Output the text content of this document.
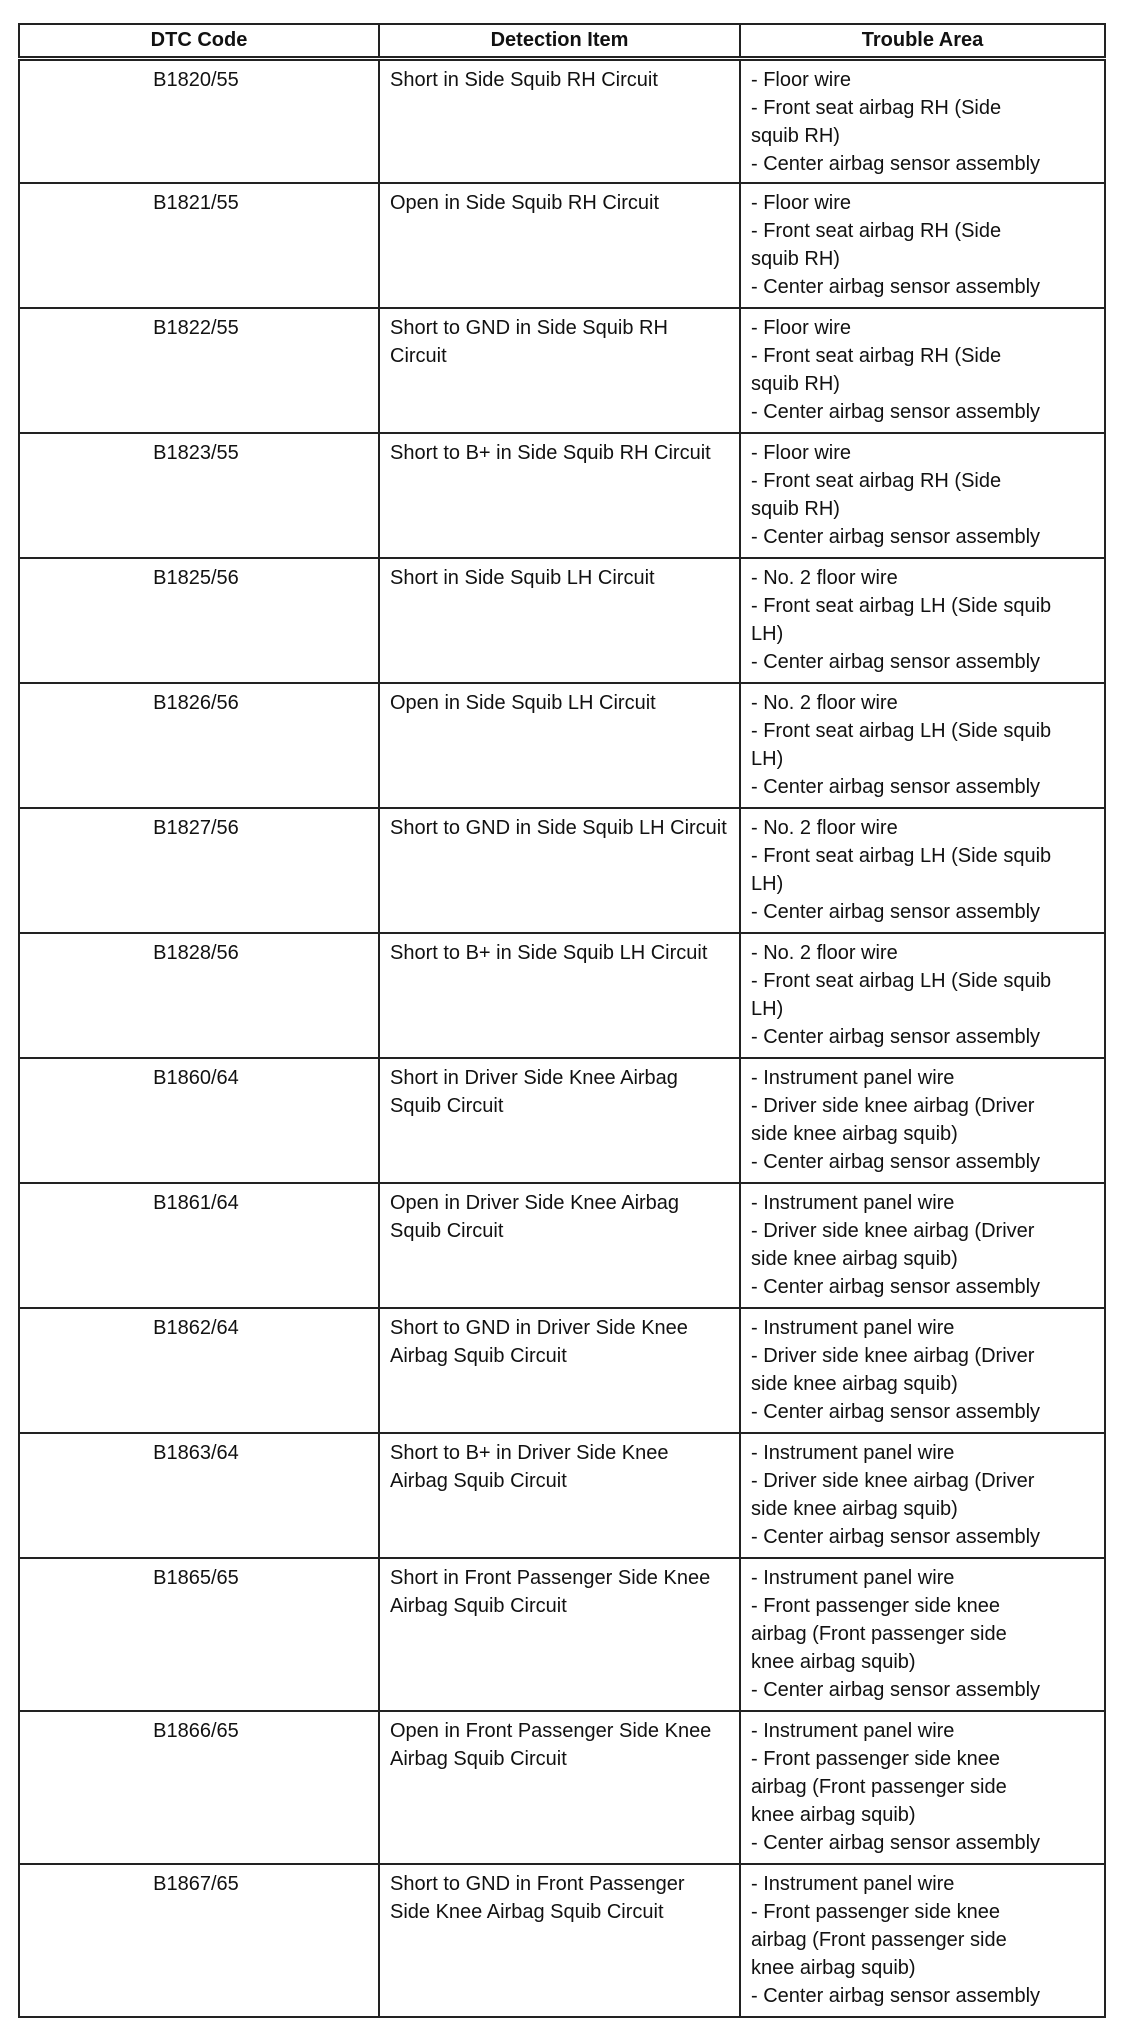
DTC Code	Detection Item	Trouble Area
B1820/55	Short in Side Squib RH Circuit	- Floor wire
- Front seat airbag RH (Side
squib RH)
- Center airbag sensor assembly

B1821/55	Open in Side Squib RH Circuit	- Floor wire
- Front seat airbag RH (Side
squib RH)
- Center airbag sensor assembly

B1822/55	Short to GND in Side Squib RH Circuit	- Floor wire
- Front seat airbag RH (Side
squib RH)
- Center airbag sensor assembly

B1823/55	Short to B+ in Side Squib RH Circuit	- Floor wire
- Front seat airbag RH (Side
squib RH)
- Center airbag sensor assembly

B1825/56	Short in Side Squib LH Circuit	- No. 2 floor wire
- Front seat airbag LH (Side squib
LH)
- Center airbag sensor assembly

B1826/56	Open in Side Squib LH Circuit	- No. 2 floor wire
- Front seat airbag LH (Side squib
LH)
- Center airbag sensor assembly

B1827/56	Short to GND in Side Squib LH Circuit	- No. 2 floor wire
- Front seat airbag LH (Side squib
LH)
- Center airbag sensor assembly

B1828/56	Short to B+ in Side Squib LH Circuit	- No. 2 floor wire
- Front seat airbag LH (Side squib
LH)
- Center airbag sensor assembly

B1860/64	Short in Driver Side Knee Airbag Squib Circuit	- Instrument panel wire
- Driver side knee airbag (Driver
side knee airbag squib)
- Center airbag sensor assembly

B1861/64	Open in Driver Side Knee Airbag Squib Circuit	- Instrument panel wire
- Driver side knee airbag (Driver
side knee airbag squib)
- Center airbag sensor assembly

B1862/64	Short to GND in Driver Side Knee Airbag Squib Circuit	- Instrument panel wire
- Driver side knee airbag (Driver
side knee airbag squib)
- Center airbag sensor assembly

B1863/64	Short to B+ in Driver Side Knee Airbag Squib Circuit	- Instrument panel wire
- Driver side knee airbag (Driver
side knee airbag squib)
- Center airbag sensor assembly

B1865/65	Short in Front Passenger Side Knee Airbag Squib Circuit	- Instrument panel wire
- Front passenger side knee
airbag (Front passenger side
knee airbag squib)
- Center airbag sensor assembly

B1866/65	Open in Front Passenger Side Knee Airbag Squib Circuit	- Instrument panel wire
- Front passenger side knee
airbag (Front passenger side
knee airbag squib)
- Center airbag sensor assembly

B1867/65	Short to GND in Front Passenger Side Knee Airbag Squib Circuit	- Instrument panel wire
- Front passenger side knee
airbag (Front passenger side
knee airbag squib)
- Center airbag sensor assembly
